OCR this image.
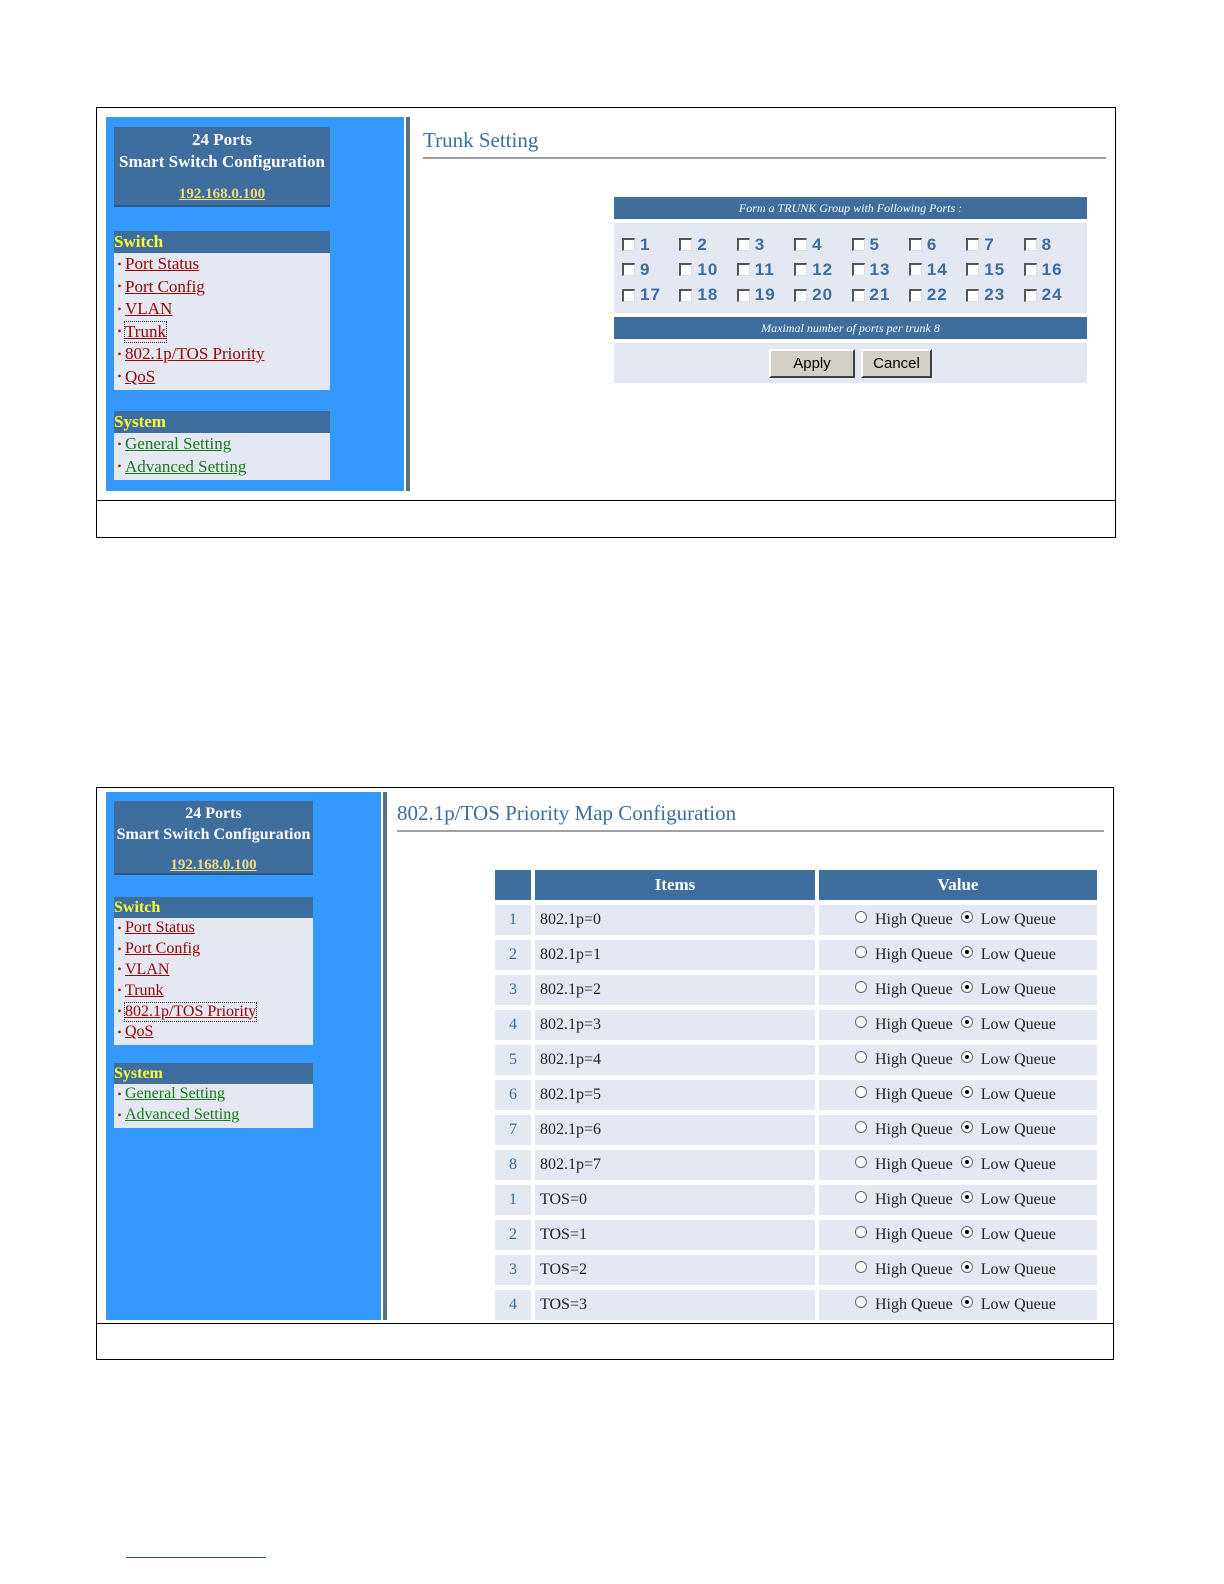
24 Ports
Smart Switch Configuration
192.168.0.100
Switch
• Port Status
• Port Config
• VLAN
• Trunk
• 802.1p/TOS Priority
• QoS
System
• General Setting
• Advanced Setting
Trunk Setting
Form a TRUNK Group with Following Ports :
1	2	3	4	5	6	7	8
9	10 11 12 13 14 15 16
17 18 19 20 21 22 23 24
Maximal number of ports per trunk 8
Apply	Cancel
24 Ports
Smart Switch Configuration
192.168.0.100
Switch
• Port Status
• Port Config
• VLAN
• Trunk
• 802.1p/TOS Priority
• QoS
System
• General Setting
• Advanced Setting
802.1p/TOS Priority Map Configuration
	Items	Value
1	802.1p=0	High Queue Low Queue
2	802.1p=1	High Queue Low Queue
3	802.1p=2	High Queue Low Queue
4	802.1p=3	High Queue Low Queue
5	802.1p=4	High Queue Low Queue
6	802.1p=5	High Queue Low Queue
7	802.1p=6	High Queue Low Queue
8	802.1p=7	High Queue Low Queue
1	TOS=0	High Queue Low Queue
2	TOS=1	High Queue Low Queue
3	TOS=2	High Queue Low Queue
4	TOS=3	High Queue Low Queue
